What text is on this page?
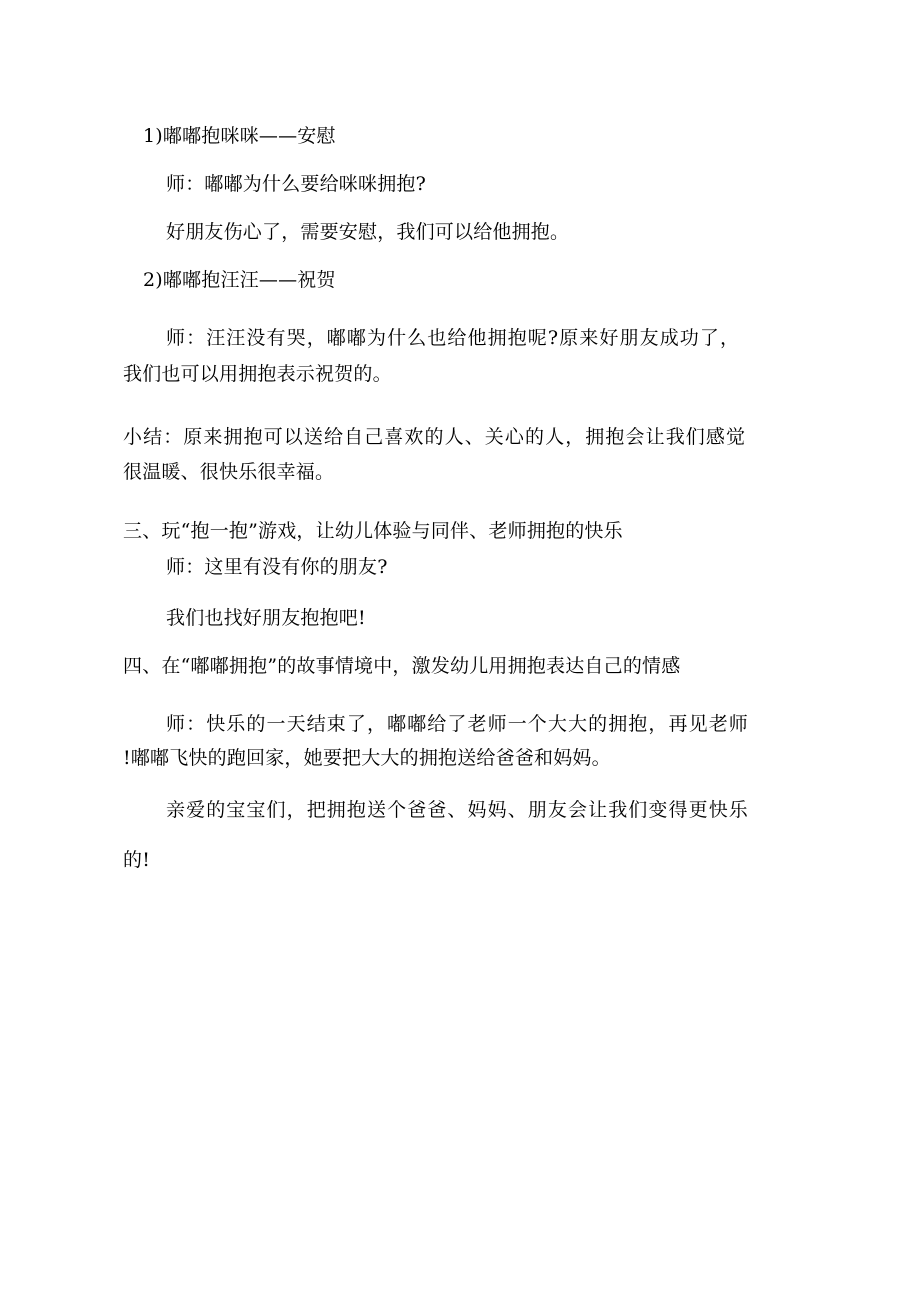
1)嘟嘟抱咪咪——安慰
师：嘟嘟为什么要给咪咪拥抱?
好朋友伤心了，需要安慰，我们可以给他拥抱。
2)嘟嘟抱汪汪——祝贺
师：汪汪没有哭，嘟嘟为什么也给他拥抱呢?原来好朋友成功了，
我们也可以用拥抱表示祝贺的。
小结：原来拥抱可以送给自己喜欢的人、关心的人，拥抱会让我们感觉
很温暖、很快乐很幸福。
三、玩“抱一抱”游戏，让幼儿体验与同伴、老师拥抱的快乐
师：这里有没有你的朋友?
我们也找好朋友抱抱吧!
四、在“嘟嘟拥抱”的故事情境中，激发幼儿用拥抱表达自己的情感
师：快乐的一天结束了，嘟嘟给了老师一个大大的拥抱，再见老师
!嘟嘟飞快的跑回家，她要把大大的拥抱送给爸爸和妈妈。
亲爱的宝宝们，把拥抱送个爸爸、妈妈、朋友会让我们变得更快乐
的!
